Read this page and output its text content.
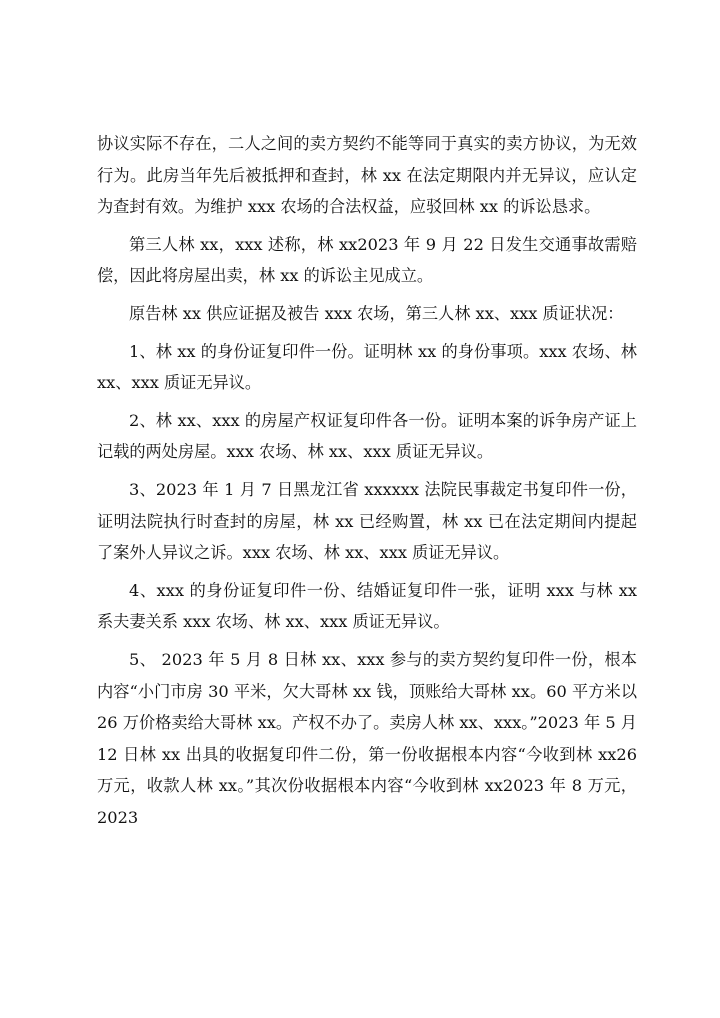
协议实际不存在，二人之间的卖方契约不能等同于真实的卖方协议，为无效行为。此房当年先后被抵押和查封，林 xx 在法定期限内并无异议，应认定为查封有效。为维护 xxx 农场的合法权益，应驳回林 xx 的诉讼恳求。

第三人林 xx，xxx 述称，林 xx2023 年 9 月 22 日发生交通事故需赔偿，因此将房屋出卖，林 xx 的诉讼主见成立。

原告林 xx 供应证据及被告 xxx 农场，第三人林 xx、xxx 质证状况：

1、林 xx 的身份证复印件一份。证明林 xx 的身份事项。xxx 农场、林 xx、xxx 质证无异议。

2、林 xx、xxx 的房屋产权证复印件各一份。证明本案的诉争房产证上记载的两处房屋。xxx 农场、林 xx、xxx 质证无异议。

3、2023 年 1 月 7 日黑龙江省 xxxxxx 法院民事裁定书复印件一份，证明法院执行时查封的房屋，林 xx 已经购置，林 xx 已在法定期间内提起了案外人异议之诉。xxx 农场、林 xx、xxx 质证无异议。

4、xxx 的身份证复印件一份、结婚证复印件一张，证明 xxx 与林 xx 系夫妻关系 xxx 农场、林 xx、xxx 质证无异议。

5、 2023 年 5 月 8 日林 xx、xxx 参与的卖方契约复印件一份，根本内容“小门市房 30 平米，欠大哥林 xx 钱，顶账给大哥林 xx。60 平方米以 26 万价格卖给大哥林 xx。产权不办了。卖房人林 xx、xxx。”2023 年 5 月 12 日林 xx 出具的收据复印件二份，第一份收据根本内容“今收到林 xx26 万元，收款人林 xx。”其次份收据根本内容“今收到林 xx2023 年 8 万元，2023
